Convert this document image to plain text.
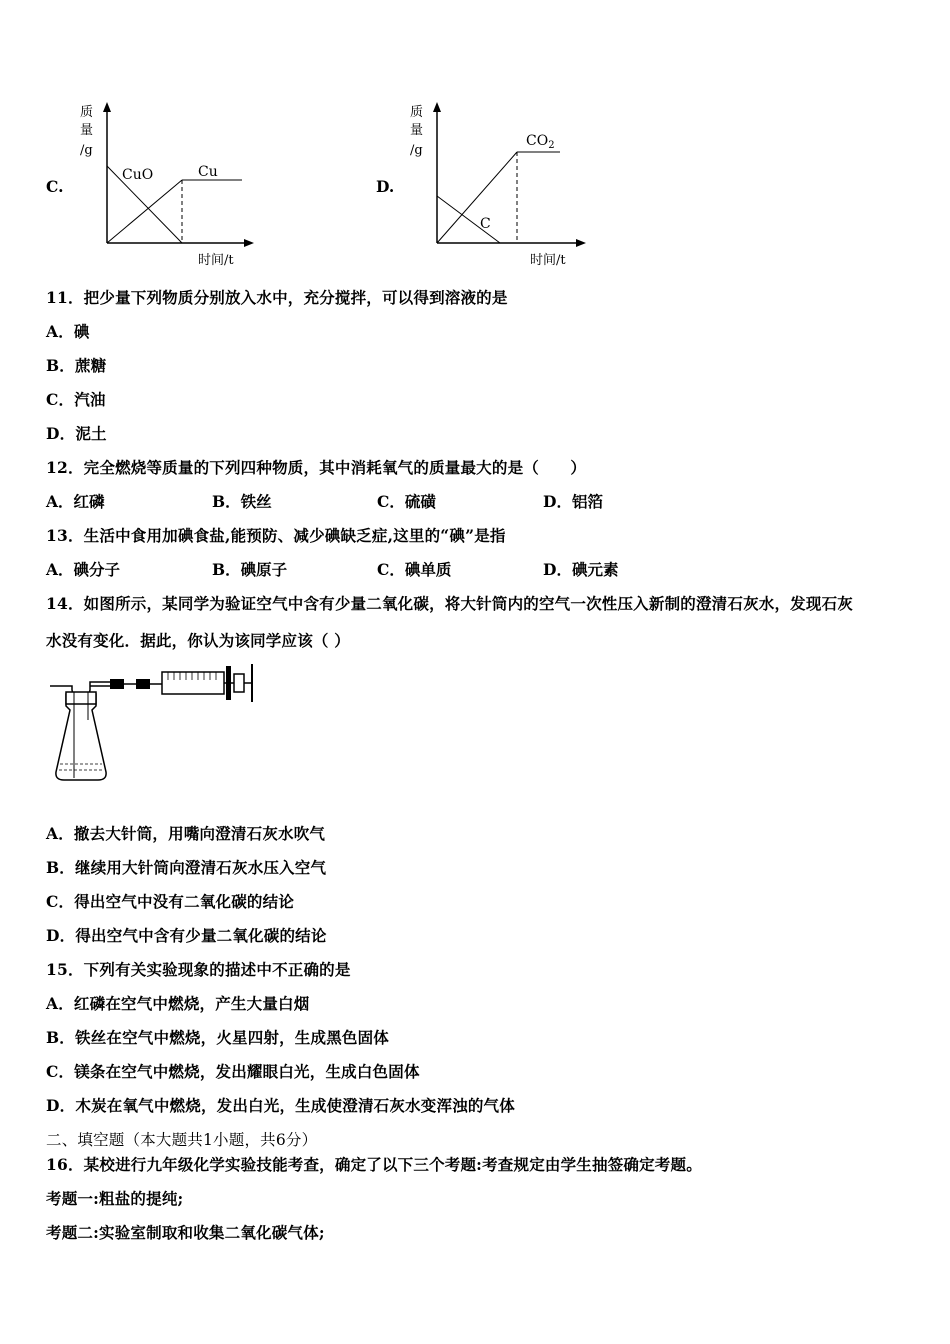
C.
质
量
/g
CuO	Cu
时间/t
D.
质
量
/g
$CO_2$
C
时间/t
11．把少量下列物质分别放入水中，充分搅拌，可以得到溶液的是
A．碘
B．蔗糖
C．汽油
D．泥土
12．完全燃烧等质量的下列四种物质，其中消耗氧气的质量最大的是（　　）
A．红磷	B．铁丝	C．硫磺	D．铝箔
13．生活中食用加碘食盐,能预防、减少碘缺乏症,这里的“碘”是指
A．碘分子	B．碘原子	C．碘单质	D．碘元素
14．如图所示，某同学为验证空气中含有少量二氧化碳，将大针筒内的空气一次性压入新制的澄清石灰水，发现石灰
水没有变化．据此，你认为该同学应该（ ）
A．撤去大针筒，用嘴向澄清石灰水吹气
B．继续用大针筒向澄清石灰水压入空气
C．得出空气中没有二氧化碳的结论
D．得出空气中含有少量二氧化碳的结论
15．下列有关实验现象的描述中不正确的是
A．红磷在空气中燃烧，产生大量白烟
B．铁丝在空气中燃烧，火星四射，生成黑色固体
C．镁条在空气中燃烧，发出耀眼白光，生成白色固体
D．木炭在氧气中燃烧，发出白光，生成使澄清石灰水变浑浊的气体
二、填空题（本大题共1小题，共6分）
16．某校进行九年级化学实验技能考查，确定了以下三个考题:考查规定由学生抽签确定考题。
考题一:粗盐的提纯;
考题二:实验室制取和收集二氧化碳气体;
